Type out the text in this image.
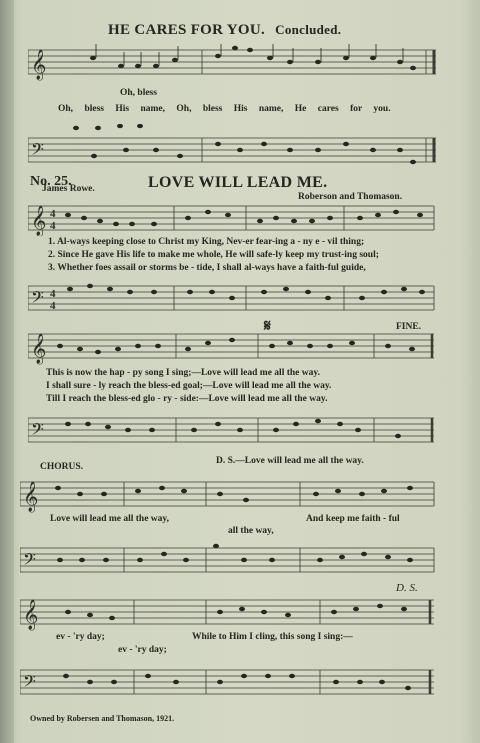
HE CARES FOR YOU. Concluded.
𝄞
Oh, bless
Oh, bless His name, Oh, bless His name, He cares for you.
𝄢
No. 25.	LOVE WILL LEAD ME.
James Rowe.
Roberson and Thomason.
𝄞 4
4
1. Al-ways keeping close to Christ my King, Nev-er fear-ing a - ny e - vil thing;
2. Since He gave His life to make me whole, He will safe-ly keep my trust-ing soul;
3. Whether foes assail or storms be - tide, I shall al-ways have a faith-ful guide,
𝄢 4
4
𝄋	FINE.
𝄞
This is now the hap - py song I sing;—Love will lead me all the way.
I shall sure - ly reach the bless-ed goal;—Love will lead me all the way.
Till I reach the bless-ed glo - ry - side:—Love will lead me all the way.
𝄢
D. S.—Love will lead me all the way.
CHORUS.
𝄞
Love will lead me all the way,
all the way,
And keep me faith - ful
𝄢
D. S.
𝄞
ev - 'ry day;	While to Him I cling, this song I sing:—
ev - 'ry day;
𝄢
Owned by Robersen and Thomason, 1921.
